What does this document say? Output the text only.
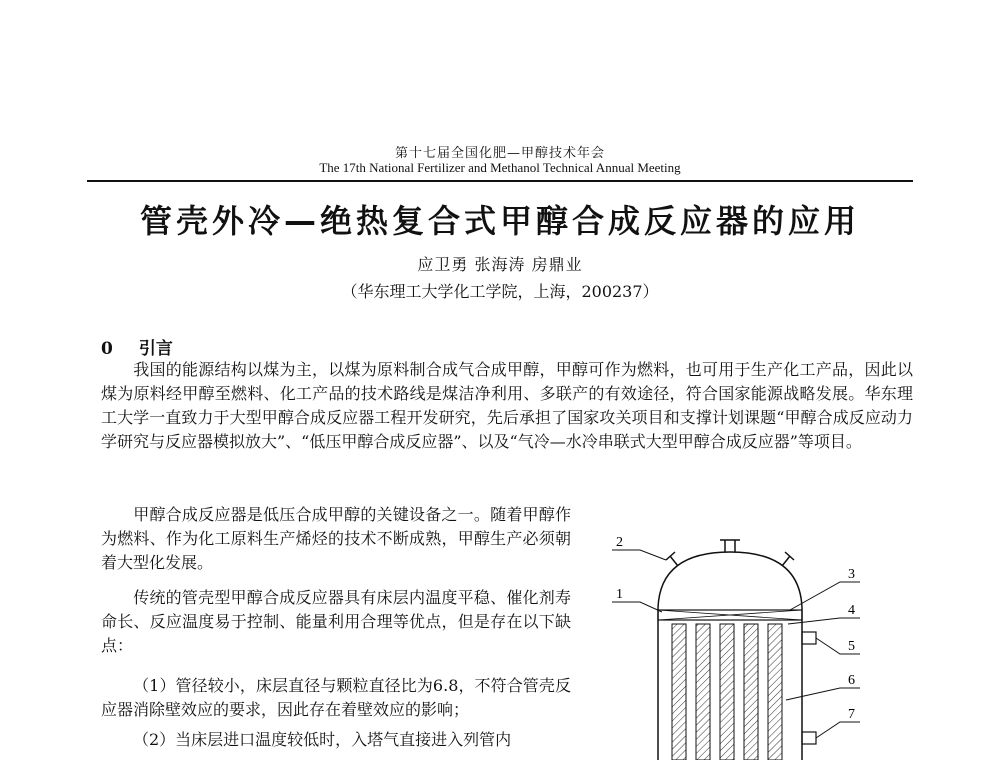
第十七届全国化肥—甲醇技术年会
The 17th National Fertilizer and Methanol Technical Annual Meeting
管壳外冷—绝热复合式甲醇合成反应器的应用
应卫勇 张海涛 房鼎业
（华东理工大学化工学院，上海，200237）
0 引言
我国的能源结构以煤为主，以煤为原料制合成气合成甲醇，甲醇可作为燃料，也可用于生产化工产品，因此以煤为原料经甲醇至燃料、化工产品的技术路线是煤洁净利用、多联产的有效途径，符合国家能源战略发展。华东理工大学一直致力于大型甲醇合成反应器工程开发研究，先后承担了国家攻关项目和支撑计划课题“甲醇合成反应动力学研究与反应器模拟放大”、“低压甲醇合成反应器”、以及“气冷—水冷串联式大型甲醇合成反应器”等项目。
甲醇合成反应器是低压合成甲醇的关键设备之一。随着甲醇作为燃料、作为化工原料生产烯烃的技术不断成熟，甲醇生产必须朝着大型化发展。
传统的管壳型甲醇合成反应器具有床层内温度平稳、催化剂寿命长、反应温度易于控制、能量利用合理等优点，但是存在以下缺点：
（1）管径较小，床层直径与颗粒直径比为6.8，不符合管壳反应器消除壁效应的要求，因此存在着壁效应的影响；
（2）当床层进口温度较低时，入塔气直接进入列管内
1
2
3
4
5
6
7
